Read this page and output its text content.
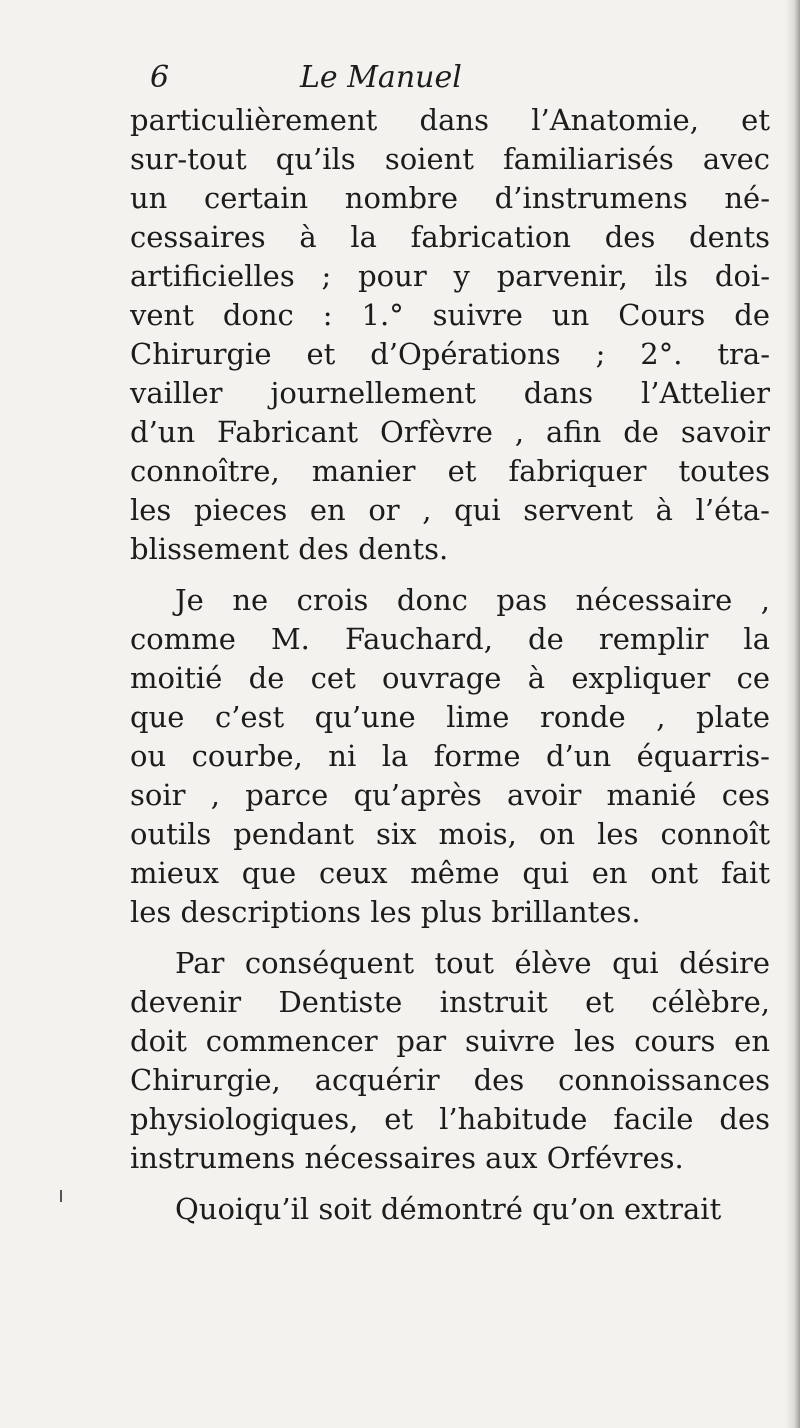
6	Le Manuel
particulièrement dans l’Anatomie, et
sur-tout qu’ils soient familiarisés avec
un certain nombre d’instrumens né-
cessaires à la fabrication des dents
artificielles ; pour y parvenir, ils doi-
vent donc : 1.° suivre un Cours de
Chirurgie et d’Opérations ; 2°. tra-
vailler journellement dans l’Attelier
d’un Fabricant Orfèvre , afin de savoir
connoître, manier et fabriquer toutes
les pieces en or , qui servent à l’éta-
blissement des dents.
Je ne crois donc pas nécessaire ,
comme M. Fauchard, de remplir la
moitié de cet ouvrage à expliquer ce
que c’est qu’une lime ronde , plate
ou courbe, ni la forme d’un équarris-
soir , parce qu’après avoir manié ces
outils pendant six mois, on les connoît
mieux que ceux même qui en ont fait
les descriptions les plus brillantes.
Par conséquent tout élève qui désire
devenir Dentiste instruit et célèbre,
doit commencer par suivre les cours en
Chirurgie, acquérir des connoissances
physiologiques, et l’habitude facile des
instrumens nécessaires aux Orfévres.
Quoiqu’il soit démontré qu’on extrait
